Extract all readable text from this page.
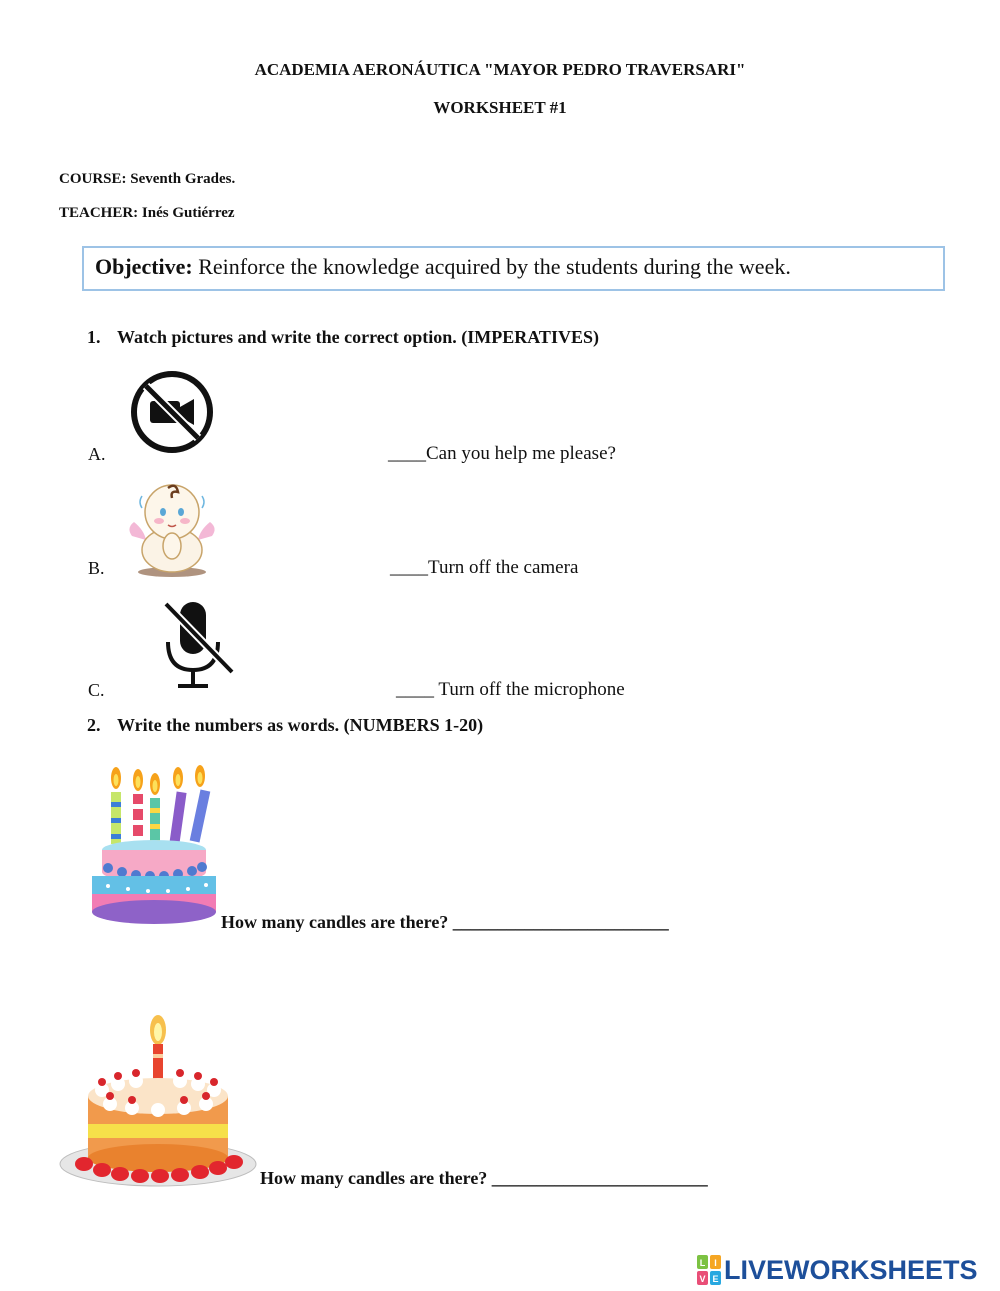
ACADEMIA AERONÁUTICA "MAYOR PEDRO TRAVERSARI"
WORKSHEET #1
COURSE: Seventh Grades.
TEACHER: Inés Gutiérrez
Objective: Reinforce the knowledge acquired by the students during the week.
1. Watch pictures and write the correct option. (IMPERATIVES)
A.	____Can you help me please?
B.	____Turn off the camera
C.	____ Turn off the microphone
2. Write the numbers as words. (NUMBERS 1-20)
How many candles are there? ________________________
How many candles are there? ________________________
L I
V E LIVEWORKSHEETS
